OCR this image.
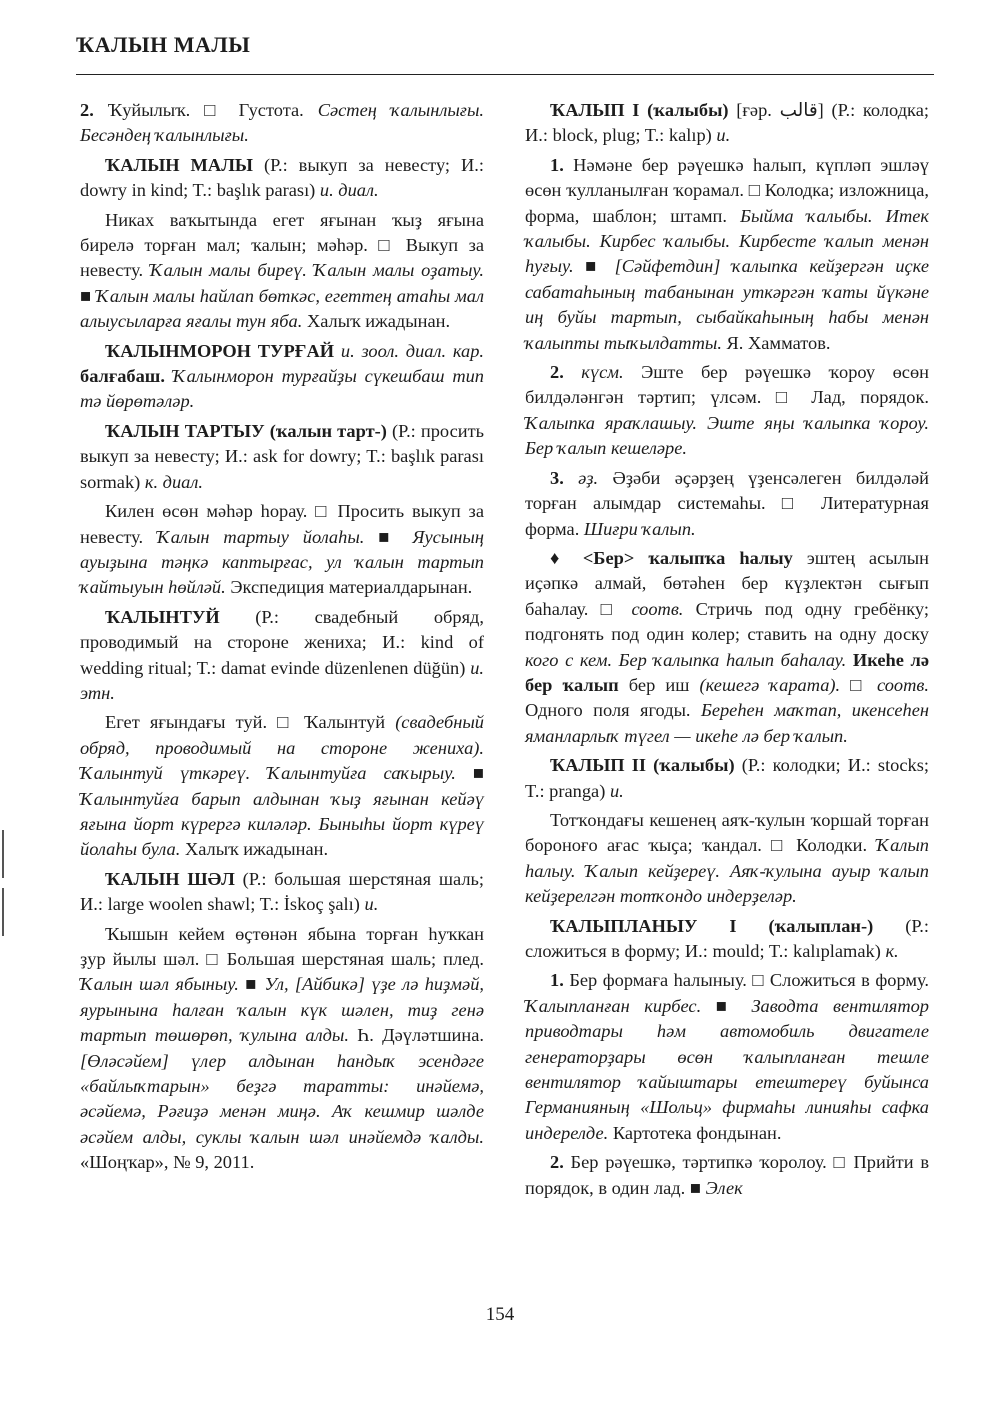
ҠАЛЫН МАЛЫ

2. Ҡуйылыҡ. □ Густота. Сәстең ҡалынлығы. Бесәндең ҡалынлығы.

ҠАЛЫН МАЛЫ (Р.: выкуп за невесту; И.: dowry in kind; T.: başlık parası) и. диал.

Никах ваҡытында егет яғынан ҡыҙ яғына бирелә торған мал; ҡалын; мәһәр. □ Выкуп за невесту. Ҡалын малы биреү. Ҡалын малы оҙатыу. ■ Ҡалын малы һайлап бөткәс, егеттең атаһы мал алыусыларға яғалы тун яба. Халыҡ ижадынан.

ҠАЛЫНМОРОН ТУРҒАЙ и. зоол. диал. кар. балғабаш. Ҡалынморон турғайҙы сүкешбаш тип тә йөрөтәләр.

ҠАЛЫН ТАРТЫУ (ҡалын тарт-) (Р.: просить выкуп за невесту; И.: ask for dowry; T.: başlık parası sormak) к. диал.

Килен өсөн мәһәр һорау. □ Просить выкуп за невесту. Ҡалын тартыу йолаһы. ■ Яусының ауыҙына тәңкә каптырғас, ул ҡалын тартып ҡайтыуын һөйләй. Экспедиция материалдарынан.

ҠАЛЫНТУЙ (Р.: свадебный обряд, проводимый на стороне жениха; И.: kind of wedding ritual; T.: damat evinde düzenlenen düğün) и. этн.

Егет яғындағы туй. □ Ҡалынтуй (свадебный обряд, проводимый на стороне жениха). Ҡалынтуй үткәреү. Ҡалынтуйға саҡырыу. ■ Ҡалынтуйға барып алдынан ҡыҙ яғынан кейәү яғына йорт күрергә киләләр. Быныһы йорт күреү йолаһы була. Халыҡ ижадынан.

ҠАЛЫН ШӘЛ (Р.: большая шерстяная шаль; И.: large woolen shawl; T.: İskoç şalı) и.

Ҡышын кейем өҫтөнән ябына торған һуҡкан ҙур йылы шәл. □ Большая шерстяная шаль; плед. Ҡалын шәл ябыныу. ■ Ул, [Айбикә] үҙе лә һиҙмәй, яурынына һалған ҡалын күк шәлен, тиҙ генә тартып төшөрөп, ҡулына алды. Һ. Дәүләтшина. [Өләсәйем] үлер алдынан һандыҡ эсендәге «байлыҡтарын» беҙгә таратты: инәйемә, әсәйемә, Рәғиҙә менән миңә. Аҡ кешмир шәлде әсәйем алды, суклы ҡалын шәл инәйемдә ҡалды. «Шоңҡар», № 9, 2011.

ҠАЛЫП I (ҡалыбы) [ғәр. قالب] (Р.: колодка; И.: block, plug; T.: kalıp) и.

1. Нәмәне бер рәүешкә һалып, күпләп эшләү өсөн ҡулланылған ҡорамал. □ Колодка; изложница, форма, шаблон; штамп. Быйма ҡалыбы. Итек ҡалыбы. Кирбес ҡалыбы. Кирбесте ҡалып менән һуғыу. ■ [Сәйфетдин] ҡалыпка кейҙергән иҫке сабатаһының табанынан уткәргән ҡаты йүкәне иң буйы тартып, сыбайкаһының һабы менән ҡалыпты тыҡылдатты. Я. Хамматов.

2. күсм. Эште бер рәүешкә ҡороу өсөн билдәләнгән тәртип; үлсәм. □ Лад, порядок. Ҡалыпка яраҡлашыу. Эште яңы ҡалыпка ҡороу. Бер ҡалып кешеләре.

3. әҙ. Әҙәби әҫәрҙең үҙенсәлеген билдәләй торған алымдар системаһы. □ Литературная форма. Шиғри ҡалып.

♦ <Бер> ҡалыпҡа һалыу эштең асылын иҫәпкә алмай, бөтәһен бер күҙлектән сығып баһалау. □ соотв. Стричь под одну гребёнку; подгонять под один колер; ставить на одну доску кого с кем. Бер ҡалыпка һалып баһалау. Икеһе лә бер ҡалып бер иш (кешегә ҡарата). □ соотв. Одного поля ягоды. Береһен маҡтап, икенсеһен яманларлыҡ түгел — икеһе лә бер ҡалып.

ҠАЛЫП II (ҡалыбы) (Р.: колодки; И.: stocks; T.: pranga) и.

Тотҡондағы кешенең аяҡ-ҡулын ҡоршай торған бороноғо ағас ҡыҫа; ҡандал. □ Колодки. Ҡалып һалыу. Ҡалып кейҙереү. Аяҡ-ҡулына ауыр ҡалып кейҙерелгән тотҡондо индерҙеләр.

ҠАЛЫПЛАНЫУ I (ҡалыплан-) (Р.: сложиться в форму; И.: mould; T.: kalıplamak) к.

1. Бер формаға һалыныу. □ Сложиться в форму. Ҡалыпланған кирбес. ■ Заводта вентилятор приводтары һәм автомобиль двигателе генераторҙары өсөн ҡалыпланған тешле вентилятор ҡайыштары етештереү буйынса Германияның «Шольц» фирмаһы линияһы сафка индерелде. Картотека фондынан.

2. Бер рәүешкә, тәртипкә ҡоролоу. □ Прийти в порядок, в один лад. ■ Элек

154
